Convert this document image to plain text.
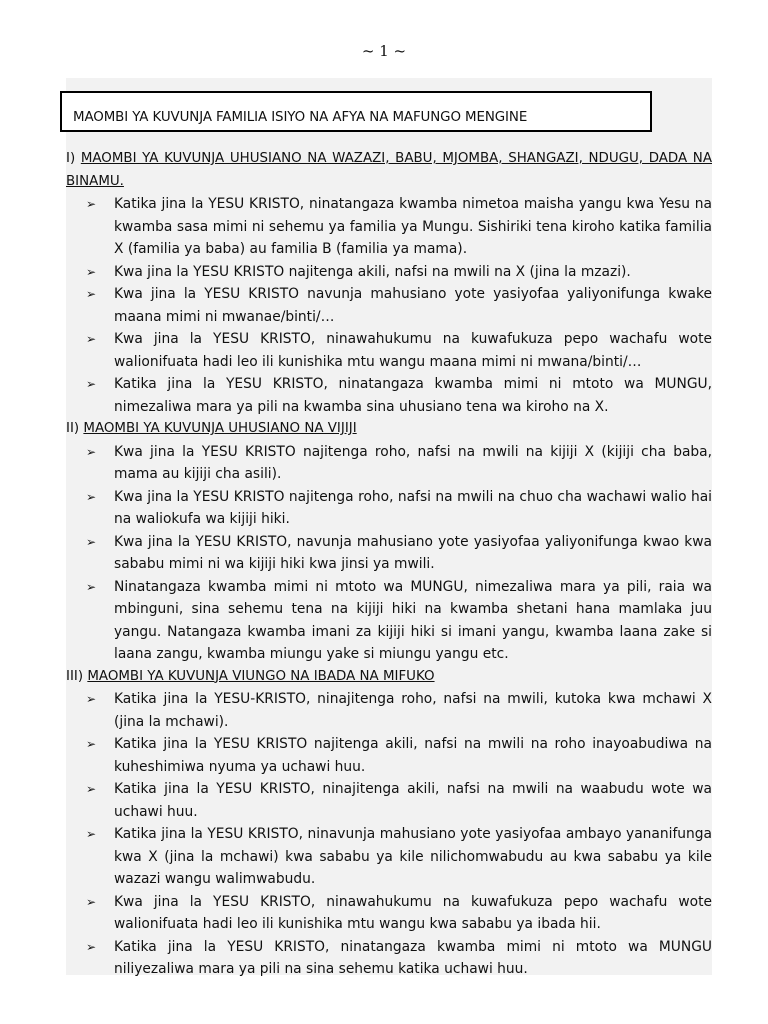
~ 1 ~
MAOMBI YA KUVUNJA FAMILIA ISIYO NA AFYA NA MAFUNGO MENGINE

I) MAOMBI YA KUVUNJA UHUSIANO NA WAZAZI, BABU, MJOMBA, SHANGAZI, NDUGU, DADA NA BINAMU.

➢ Katika jina la YESU KRISTO, ninatangaza kwamba nimetoa maisha yangu kwa Yesu na kwamba sasa mimi ni sehemu ya familia ya Mungu. Sishiriki tena kiroho katika familia X (familia ya baba) au familia B (familia ya mama).
➢ Kwa jina la YESU KRISTO najitenga akili, nafsi na mwili na X (jina la mzazi).
➢ Kwa jina la YESU KRISTO navunja mahusiano yote yasiyofaa yaliyonifunga kwake maana mimi ni mwanae/binti/…
➢ Kwa jina la YESU KRISTO, ninawahukumu na kuwafukuza pepo wachafu wote walionifuata hadi leo ili kunishika mtu wangu maana mimi ni mwana/binti/…
➢ Katika jina la YESU KRISTO, ninatangaza kwamba mimi ni mtoto wa MUNGU, nimezaliwa mara ya pili na kwamba sina uhusiano tena wa kiroho na X.

II) MAOMBI YA KUVUNJA UHUSIANO NA VIJIJI

➢ Kwa jina la YESU KRISTO najitenga roho, nafsi na mwili na kijiji X (kijiji cha baba, mama au kijiji cha asili).
➢ Kwa jina la YESU KRISTO najitenga roho, nafsi na mwili na chuo cha wachawi walio hai na waliokufa wa kijiji hiki.
➢ Kwa jina la YESU KRISTO, navunja mahusiano yote yasiyofaa yaliyonifunga kwao kwa sababu mimi ni wa kijiji hiki kwa jinsi ya mwili.
➢ Ninatangaza kwamba mimi ni mtoto wa MUNGU, nimezaliwa mara ya pili, raia wa mbinguni, sina sehemu tena na kijiji hiki na kwamba shetani hana mamlaka juu yangu. Natangaza kwamba imani za kijiji hiki si imani yangu, kwamba laana zake si laana zangu, kwamba miungu yake si miungu yangu etc.

III) MAOMBI YA KUVUNJA VIUNGO NA IBADA NA MIFUKO

➢ Katika jina la YESU-KRISTO, ninajitenga roho, nafsi na mwili, kutoka kwa mchawi X (jina la mchawi).
➢ Katika jina la YESU KRISTO najitenga akili, nafsi na mwili na roho inayoabudiwa na kuheshimiwa nyuma ya uchawi huu.
➢ Katika jina la YESU KRISTO, ninajitenga akili, nafsi na mwili na waabudu wote wa uchawi huu.
➢ Katika jina la YESU KRISTO, ninavunja mahusiano yote yasiyofaa ambayo yananifunga kwa X (jina la mchawi) kwa sababu ya kile nilichomwabudu au kwa sababu ya kile wazazi wangu walimwabudu.
➢ Kwa jina la YESU KRISTO, ninawahukumu na kuwafukuza pepo wachafu wote walionifuata hadi leo ili kunishika mtu wangu kwa sababu ya ibada hii.
➢ Katika jina la YESU KRISTO, ninatangaza kwamba mimi ni mtoto wa MUNGU niliyezaliwa mara ya pili na sina sehemu katika uchawi huu.
